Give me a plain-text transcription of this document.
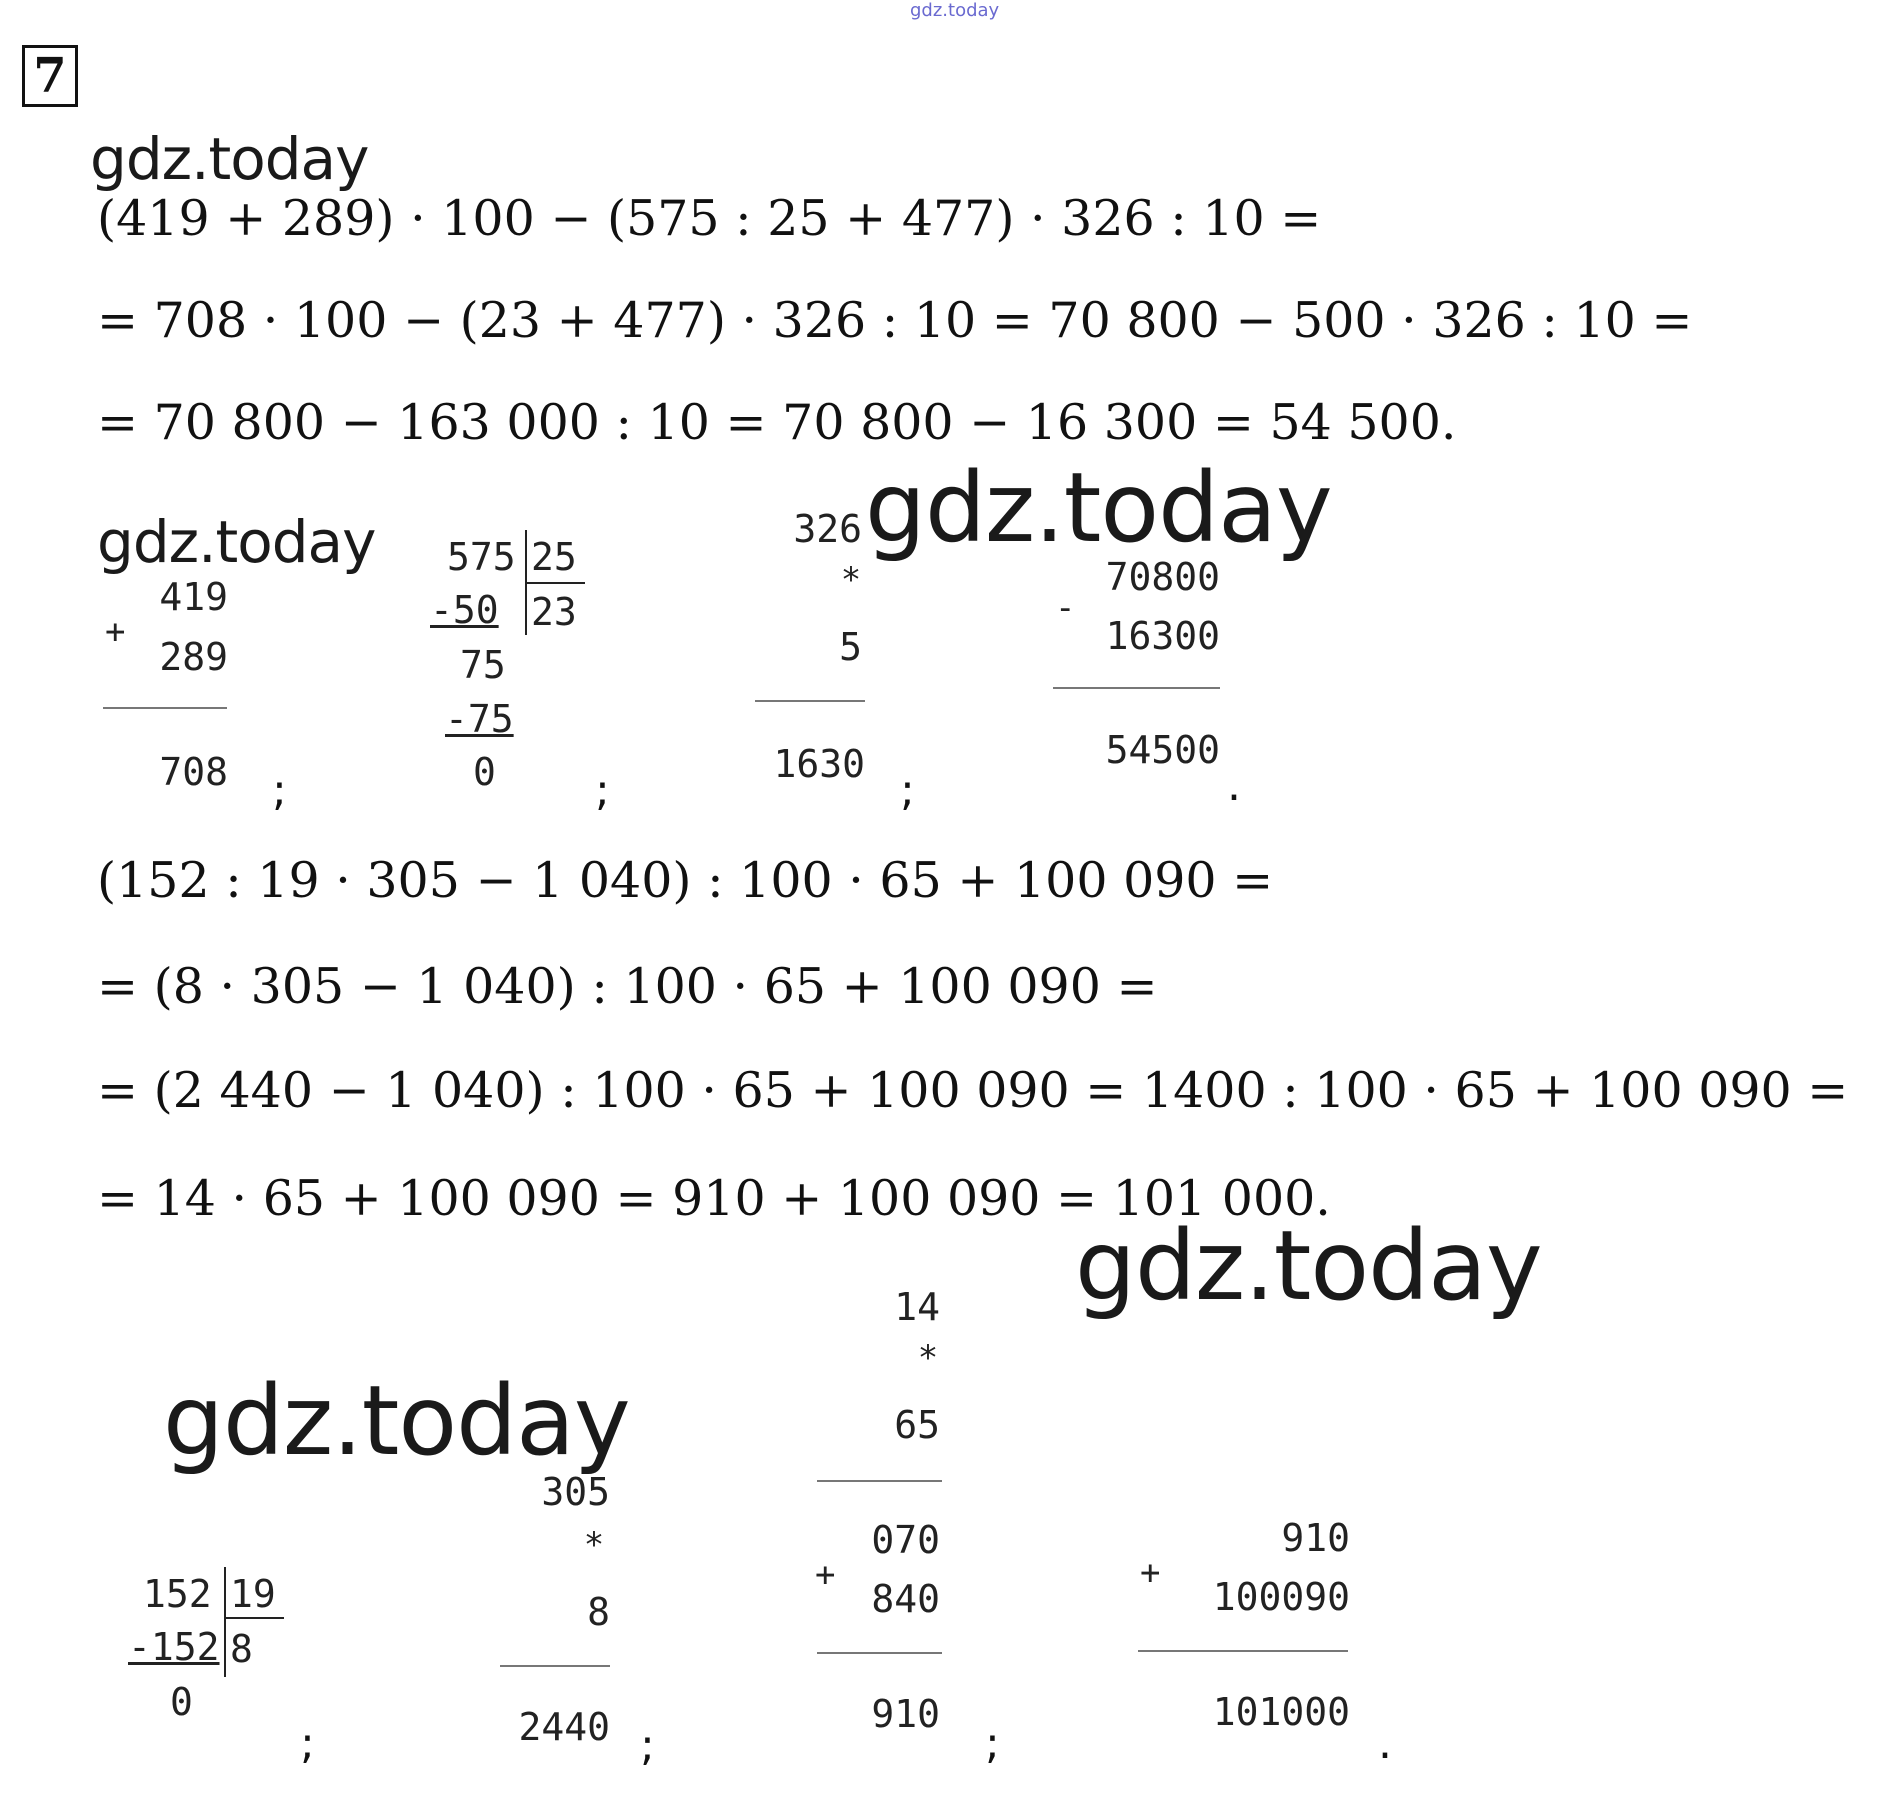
gdz.today
7
gdz.today
gdz.today	gdz.today
gdz.today
gdz.today
(419 + 289) · 100 − (575 : 25 + 477) · 326 : 10 =
= 708 · 100 − (23 + 477) · 326 : 10 = 70 800 − 500 · 326 : 10 =
= 70 800 − 163 000 : 10 = 70 800 − 16 300 = 54 500.
419
+
289
708 ;
575 25
23
-50
75
-75
0 ;
326
*
5
1630
;
70800
-
16300
54500
.
(152 : 19 · 305 − 1 040) : 100 · 65 + 100 090 =
= (8 · 305 − 1 040) : 100 · 65 + 100 090 =
= (2 440 − 1 040) : 100 · 65 + 100 090 = 1400 : 100 · 65 + 100 090 =
= 14 · 65 + 100 090 = 910 + 100 090 = 101 000.
152 19
-152 8
0
;
305
*
8
2440 ;
14
*
65
070
+
840
910
;
910
+
100090
101000
.
